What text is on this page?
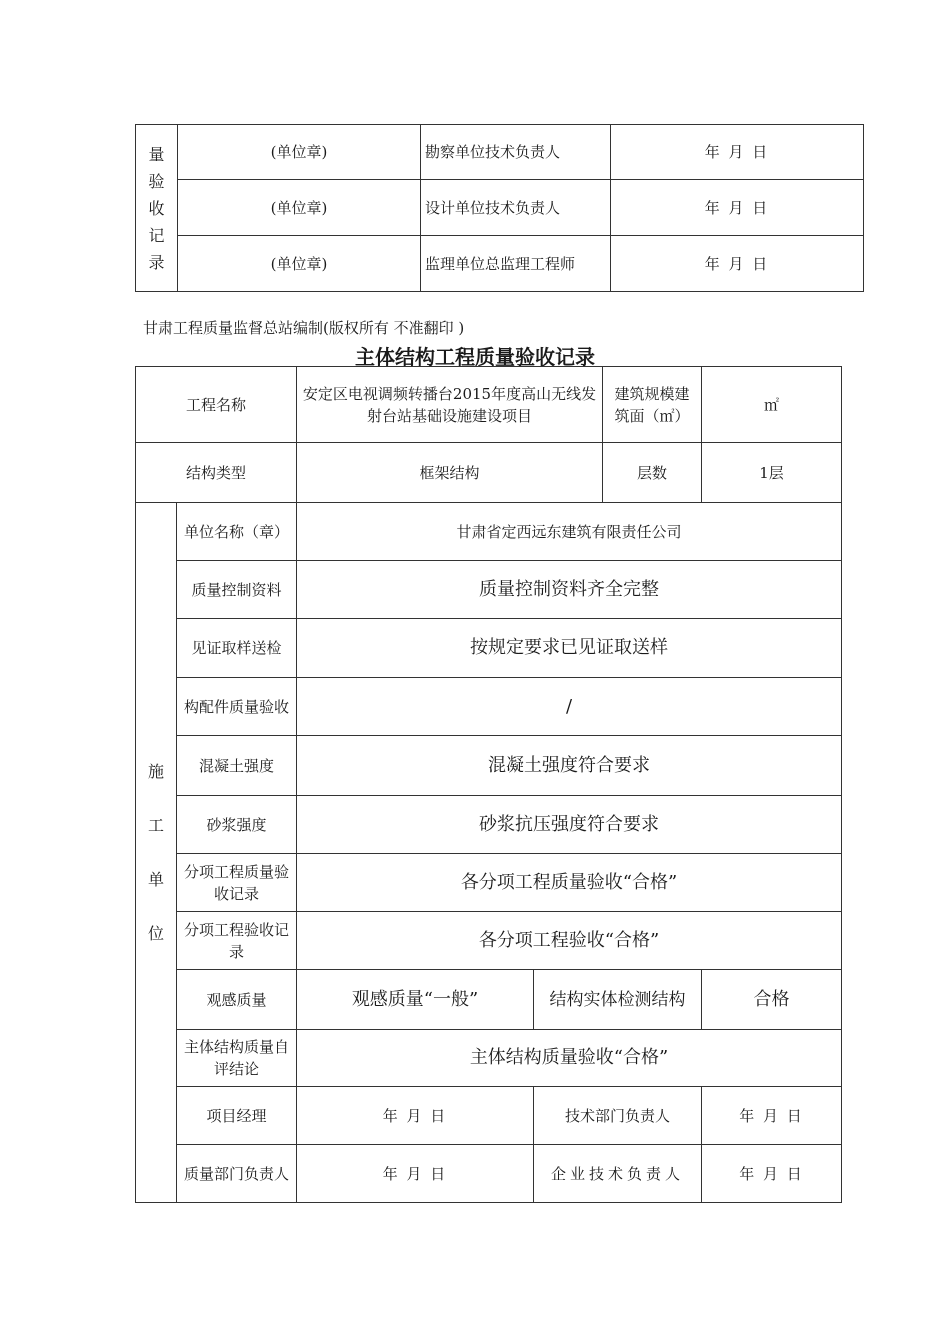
量验收记录	(单位章)	勘察单位技术负责人	年 月 日
	(单位章)	设计单位技术负责人	年 月 日
	(单位章)	监理单位总监理工程师	年 月 日
甘肃工程质量监督总站编制(版权所有 不准翻印 )
主体结构工程质量验收记录
工程名称		安定区电视调频转播台2015年度高山无线发射台站基础设施建设项目		建筑规模建筑面（㎡）	㎡
结构类型		框架结构		层数	1层

施工单位	单位名称（章）	甘肃省定西远东建筑有限责任公司			
	质量控制资料	质量控制资料齐全完整			
	见证取样送检	按规定要求已见证取送样			
	构配件质量验收	/			
	混凝土强度	混凝土强度符合要求			
	砂浆强度	砂浆抗压强度符合要求			
	分项工程质量验收记录	各分项工程质量验收“合格”			
	分项工程验收记录	各分项工程验收“合格”			
	观感质量	观感质量“一般”	结构实体检测结构		合格
	主体结构质量自评结论	主体结构质量验收“合格”			
	项目经理	年 月 日	技术部门负责人		年 月 日
	质量部门负责人	年 月 日	企业技术负责人		年 月 日
